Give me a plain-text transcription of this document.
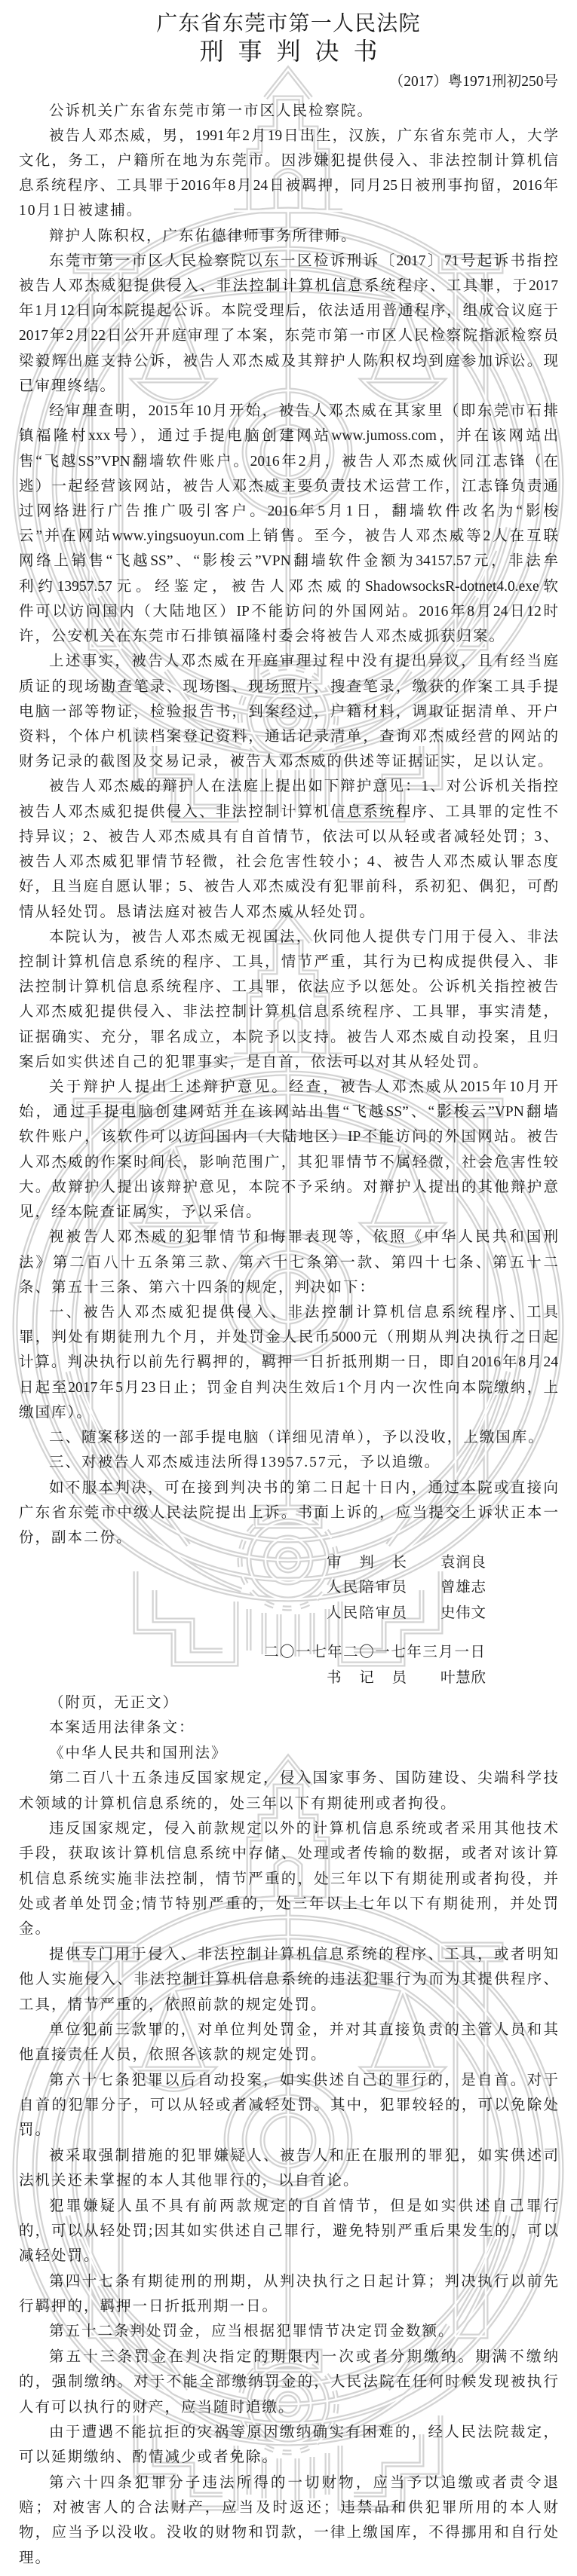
广东省东莞市第一人民法院
刑事判决书
（2017）粤1971刑初250号
公诉机关广东省东莞市第一市区人民检察院。
被告人邓杰威，男，1991年2月19日出生，汉族，广东省东莞市人，大学
文化，务工，户籍所在地为东莞市。因涉嫌犯提供侵入、非法控制计算机信
息系统程序、工具罪于2016年8月24日被羁押，同月25日被刑事拘留，2016年
10月1日被逮捕。
辩护人陈积权，广东佑德律师事务所律师。
东莞市第一市区人民检察院以东一区检诉刑诉〔2017〕71号起诉书指控
被告人邓杰威犯提供侵入、非法控制计算机信息系统程序、工具罪，于2017
年1月12日向本院提起公诉。本院受理后，依法适用普通程序，组成合议庭于
2017年2月22日公开开庭审理了本案，东莞市第一市区人民检察院指派检察员
梁毅辉出庭支持公诉，被告人邓杰威及其辩护人陈积权均到庭参加诉讼。现
已审理终结。
经审理查明，2015年10月开始，被告人邓杰威在其家里（即东莞市石排
镇福隆村xxx号），通过手提电脑创建网站www.jumoss.com，并在该网站出
售“飞越SS”VPN翻墙软件账户。2016年2月，被告人邓杰威伙同江志锋（在
逃）一起经营该网站，被告人邓杰威主要负责技术运营工作，江志锋负责通
过网络进行广告推广吸引客户。2016年5月1日，翻墙软件改名为“影梭
云”并在网站www.yingsuoyun.com上销售。至今，被告人邓杰威等2人在互联
网络上销售“飞越SS”、“影梭云”VPN翻墙软件金额为34157.57元，非法牟
利约13957.57元。经鉴定，被告人邓杰威的ShadowsocksR-dotnet4.0.exe软
件可以访问国内（大陆地区）IP不能访问的外国网站。2016年8月24日12时
许，公安机关在东莞市石排镇福隆村委会将被告人邓杰威抓获归案。
上述事实，被告人邓杰威在开庭审理过程中没有提出异议，且有经当庭
质证的现场勘查笔录、现场图、现场照片，搜查笔录，缴获的作案工具手提
电脑一部等物证，检验报告书，到案经过，户籍材料，调取证据清单、开户
资料，个体户机读档案登记资料，通话记录清单，查询邓杰威经营的网站的
财务记录的截图及交易记录，被告人邓杰威的供述等证据证实，足以认定。
被告人邓杰威的辩护人在法庭上提出如下辩护意见：1、对公诉机关指控
被告人邓杰威犯提供侵入、非法控制计算机信息系统程序、工具罪的定性不
持异议；2、被告人邓杰威具有自首情节，依法可以从轻或者减轻处罚；3、
被告人邓杰威犯罪情节轻微，社会危害性较小；4、被告人邓杰威认罪态度
好，且当庭自愿认罪；5、被告人邓杰威没有犯罪前科，系初犯、偶犯，可酌
情从轻处罚。恳请法庭对被告人邓杰威从轻处罚。
本院认为，被告人邓杰威无视国法，伙同他人提供专门用于侵入、非法
控制计算机信息系统的程序、工具，情节严重，其行为已构成提供侵入、非
法控制计算机信息系统程序、工具罪，依法应予以惩处。公诉机关指控被告
人邓杰威犯提供侵入、非法控制计算机信息系统程序、工具罪，事实清楚，
证据确实、充分，罪名成立，本院予以支持。被告人邓杰威自动投案，且归
案后如实供述自己的犯罪事实，是自首，依法可以对其从轻处罚。
关于辩护人提出上述辩护意见。经查，被告人邓杰威从2015年10月开
始，通过手提电脑创建网站并在该网站出售“飞越SS”、“影梭云”VPN翻墙
软件账户，该软件可以访问国内（大陆地区）IP不能访问的外国网站。被告
人邓杰威的作案时间长，影响范围广，其犯罪情节不属轻微，社会危害性较
大。故辩护人提出该辩护意见，本院不予采纳。对辩护人提出的其他辩护意
见，经本院查证属实，予以采信。
视被告人邓杰威的犯罪情节和悔罪表现等，依照《中华人民共和国刑
法》第二百八十五条第三款、第六十七条第一款、第四十七条、第五十二
条、第五十三条、第六十四条的规定，判决如下：
一、被告人邓杰威犯提供侵入、非法控制计算机信息系统程序、工具
罪，判处有期徒刑九个月，并处罚金人民币5000元（刑期从判决执行之日起
计算。判决执行以前先行羁押的，羁押一日折抵刑期一日，即自2016年8月24
日起至2017年5月23日止；罚金自判决生效后1个月内一次性向本院缴纳，上
缴国库）。
二、随案移送的一部手提电脑（详细见清单），予以没收，上缴国库。
三、对被告人邓杰威违法所得13957.57元，予以追缴。
如不服本判决，可在接到判决书的第二日起十日内，通过本院或直接向
广东省东莞市中级人民法院提出上诉。书面上诉的，应当提交上诉状正本一
份，副本二份。
审判长 袁润良
人民陪审员 曾雄志
人民陪审员 史伟文
二〇一七年二〇一七年三月一日
书记员 叶慧欣
（附页，无正文）
本案适用法律条文：
《中华人民共和国刑法》
第二百八十五条违反国家规定，侵入国家事务、国防建设、尖端科学技
术领域的计算机信息系统的，处三年以下有期徒刑或者拘役。
违反国家规定，侵入前款规定以外的计算机信息系统或者采用其他技术
手段，获取该计算机信息系统中存储、处理或者传输的数据，或者对该计算
机信息系统实施非法控制，情节严重的，处三年以下有期徒刑或者拘役，并
处或者单处罚金;情节特别严重的，处三年以上七年以下有期徒刑，并处罚
金。
提供专门用于侵入、非法控制计算机信息系统的程序、工具，或者明知
他人实施侵入、非法控制计算机信息系统的违法犯罪行为而为其提供程序、
工具，情节严重的，依照前款的规定处罚。
单位犯前三款罪的，对单位判处罚金，并对其直接负责的主管人员和其
他直接责任人员，依照各该款的规定处罚。
第六十七条犯罪以后自动投案，如实供述自己的罪行的，是自首。对于
自首的犯罪分子，可以从轻或者减轻处罚。其中，犯罪较轻的，可以免除处
罚。
被采取强制措施的犯罪嫌疑人、被告人和正在服刑的罪犯，如实供述司
法机关还未掌握的本人其他罪行的，以自首论。
犯罪嫌疑人虽不具有前两款规定的自首情节，但是如实供述自己罪行
的，可以从轻处罚;因其如实供述自己罪行，避免特别严重后果发生的，可以
减轻处罚。
第四十七条有期徒刑的刑期，从判决执行之日起计算；判决执行以前先
行羁押的，羁押一日折抵刑期一日。
第五十二条判处罚金，应当根据犯罪情节决定罚金数额。
第五十三条罚金在判决指定的期限内一次或者分期缴纳。期满不缴纳
的，强制缴纳。对于不能全部缴纳罚金的，人民法院在任何时候发现被执行
人有可以执行的财产，应当随时追缴。
由于遭遇不能抗拒的灾祸等原因缴纳确实有困难的，经人民法院裁定，
可以延期缴纳、酌情减少或者免除。
第六十四条犯罪分子违法所得的一切财物，应当予以追缴或者责令退
赔；对被害人的合法财产，应当及时返还；违禁品和供犯罪所用的本人财
物，应当予以没收。没收的财物和罚款，一律上缴国库，不得挪用和自行处
理。
